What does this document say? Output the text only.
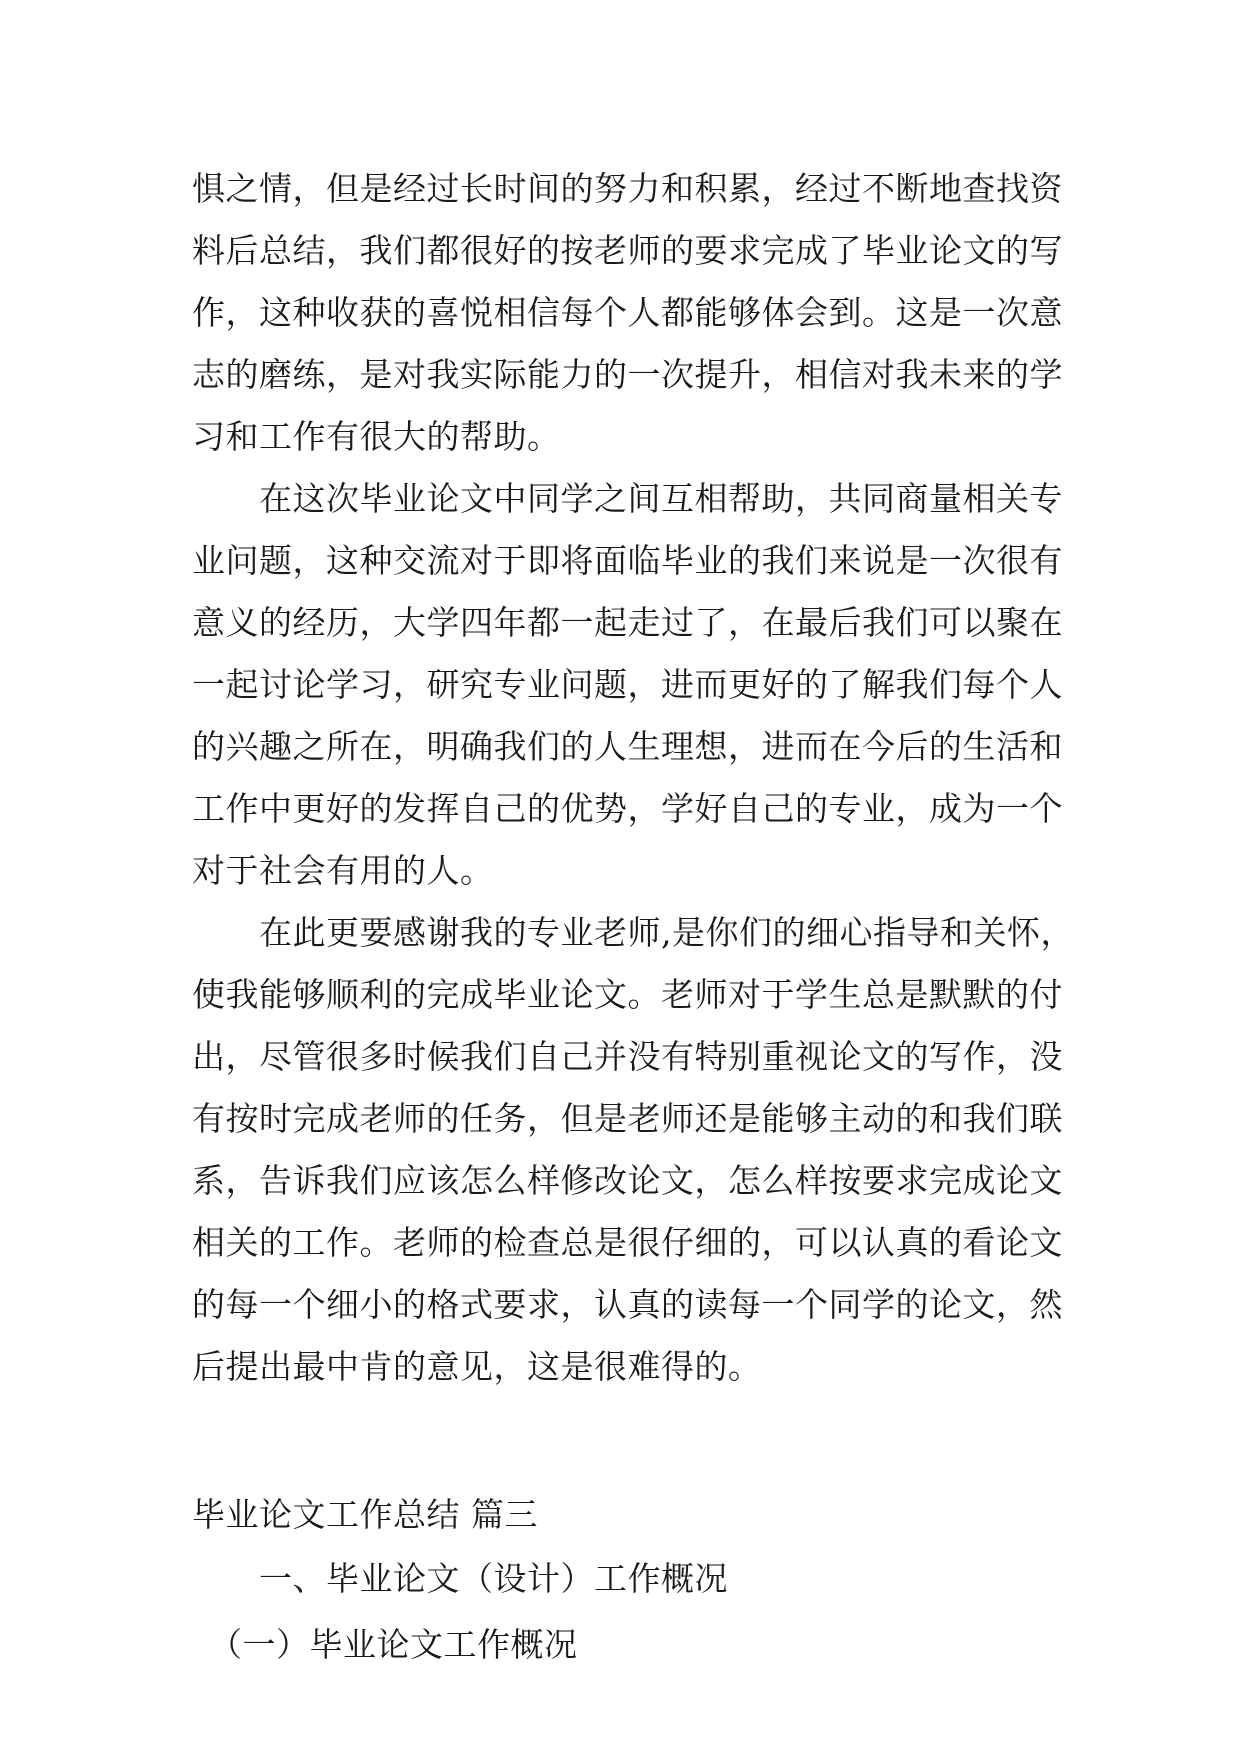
惧之情，但是经过长时间的努力和积累，经过不断地查找资
料后总结，我们都很好的按老师的要求完成了毕业论文的写
作，这种收获的喜悦相信每个人都能够体会到。这是一次意
志的磨练，是对我实际能力的一次提升，相信对我未来的学
习和工作有很大的帮助。
　　在这次毕业论文中同学之间互相帮助，共同商量相关专
业问题，这种交流对于即将面临毕业的我们来说是一次很有
意义的经历，大学四年都一起走过了，在最后我们可以聚在
一起讨论学习，研究专业问题，进而更好的了解我们每个人
的兴趣之所在，明确我们的人生理想，进而在今后的生活和
工作中更好的发挥自己的优势，学好自己的专业，成为一个
对于社会有用的人。
　　在此更要感谢我的专业老师,是你们的细心指导和关怀，
使我能够顺利的完成毕业论文。老师对于学生总是默默的付
出，尽管很多时候我们自己并没有特别重视论文的写作，没
有按时完成老师的任务，但是老师还是能够主动的和我们联
系，告诉我们应该怎么样修改论文，怎么样按要求完成论文
相关的工作。老师的检查总是很仔细的，可以认真的看论文
的每一个细小的格式要求，认真的读每一个同学的论文，然
后提出最中肯的意见，这是很难得的。
毕业论文工作总结 篇三
　　一、毕业论文（设计）工作概况
　（一）毕业论文工作概况
